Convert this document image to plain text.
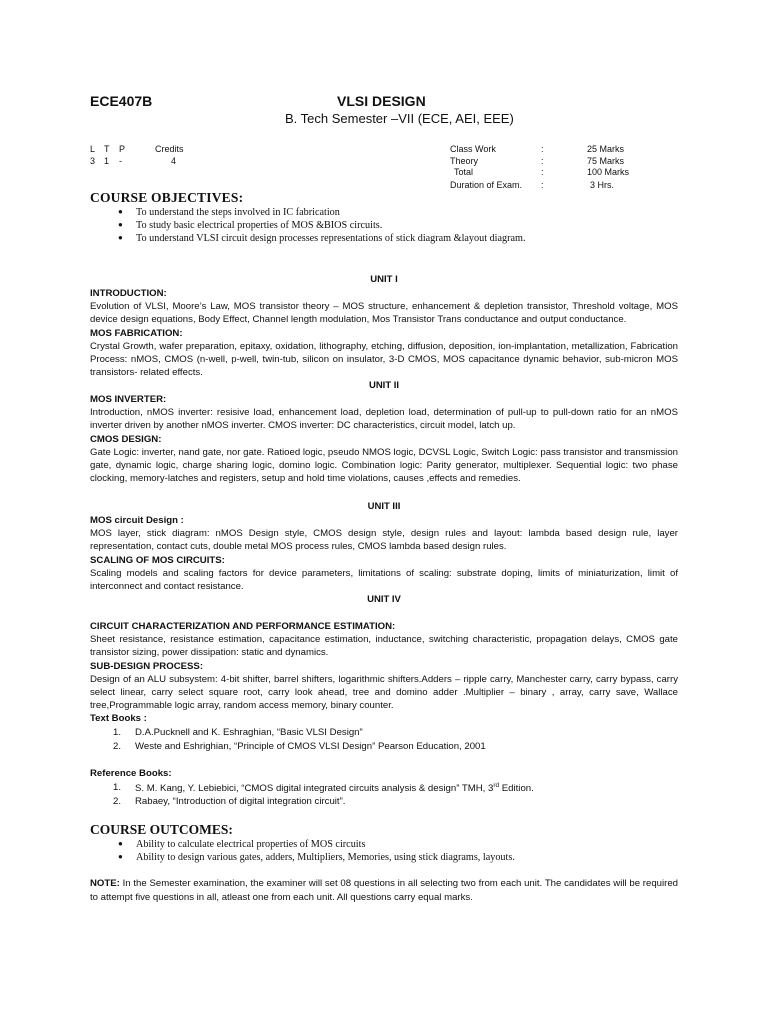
ECE407B	VLSI DESIGN
B. Tech Semester –VII (ECE, AEI, EEE)
L T P	Credits
3 1 -	4
Class Work	:	25 Marks
Theory	:	75 Marks
Total	:	100 Marks
Duration of Exam. :	3 Hrs.
COURSE OBJECTIVES:
● To understand the steps involved in IC fabrication
● To study basic electrical properties of MOS &BIOS circuits.
● To understand VLSI circuit design processes representations of stick diagram &layout diagram.
UNIT I

INTRODUCTION:

Evolution of VLSI, Moore’s Law, MOS transistor theory – MOS structure, enhancement & depletion transistor, Threshold voltage, MOS device design equations, Body Effect, Channel length modulation, Mos Transistor Trans conductance and output conductance.

MOS FABRICATION:

Crystal Growth, wafer preparation, epitaxy, oxidation, lithography, etching, diffusion, deposition, ion-implantation, metallization, Fabrication Process: nMOS, CMOS (n-well, p-well, twin-tub, silicon on insulator, 3-D CMOS, MOS capacitance dynamic behavior, sub-micron MOS transistors- related effects.

UNIT II

MOS INVERTER:

Introduction, nMOS inverter: resisive load, enhancement load, depletion load, determination of pull-up to pull-down ratio for an nMOS inverter driven by another nMOS inverter. CMOS inverter: DC characteristics, circuit model, latch up.

CMOS DESIGN:

Gate Logic: inverter, nand gate, nor gate. Ratioed logic, pseudo NMOS logic, DCVSL Logic, Switch Logic: pass transistor and transmission gate, dynamic logic, charge sharing logic, domino logic. Combination logic: Parity generator, multiplexer. Sequential logic: two phase clocking, memory-latches and registers, setup and hold time violations, causes ,effects and remedies.

UNIT III

MOS circuit Design :

MOS layer, stick diagram: nMOS Design style, CMOS design style, design rules and layout: lambda based design rule, layer representation, contact cuts, double metal MOS process rules, CMOS lambda based design rules.

SCALING OF MOS CIRCUITS:

Scaling models and scaling factors for device parameters, limitations of scaling: substrate doping, limits of miniaturization, limit of interconnect and contact resistance.

UNIT IV

CIRCUIT CHARACTERIZATION AND PERFORMANCE ESTIMATION:

Sheet resistance, resistance estimation, capacitance estimation, inductance, switching characteristic, propagation delays, CMOS gate transistor sizing, power dissipation: static and dynamics.

SUB-DESIGN PROCESS:

Design of an ALU subsystem: 4-bit shifter, barrel shifters, logarithmic shifters.Adders – ripple carry, Manchester carry, carry bypass, carry select linear, carry select square root, carry look ahead, tree and domino adder .Multiplier – binary , array, carry save, Wallace tree,Programmable logic array, random access memory, binary counter.

Text Books :

1. D.A.Pucknell and K. Eshraghian, “Basic VLSI Design”
2. Weste and Eshrighian, “Principle of CMOS VLSI Design” Pearson Education, 2001
Reference Books:
1. S. M. Kang, Y. Lebiebici, “CMOS digital integrated circuits analysis & design” TMH, 3rd Edition.
2. Rabaey, “Introduction of digital integration circuit”.
COURSE OUTCOMES:
● Ability to calculate electrical properties of MOS circuits
● Ability to design various gates, adders, Multipliers, Memories, using stick diagrams, layouts.

NOTE: In the Semester examination, the examiner will set 08 questions in all selecting two from each unit. The candidates will be required to attempt five questions in all, atleast one from each unit. All questions carry equal marks.
